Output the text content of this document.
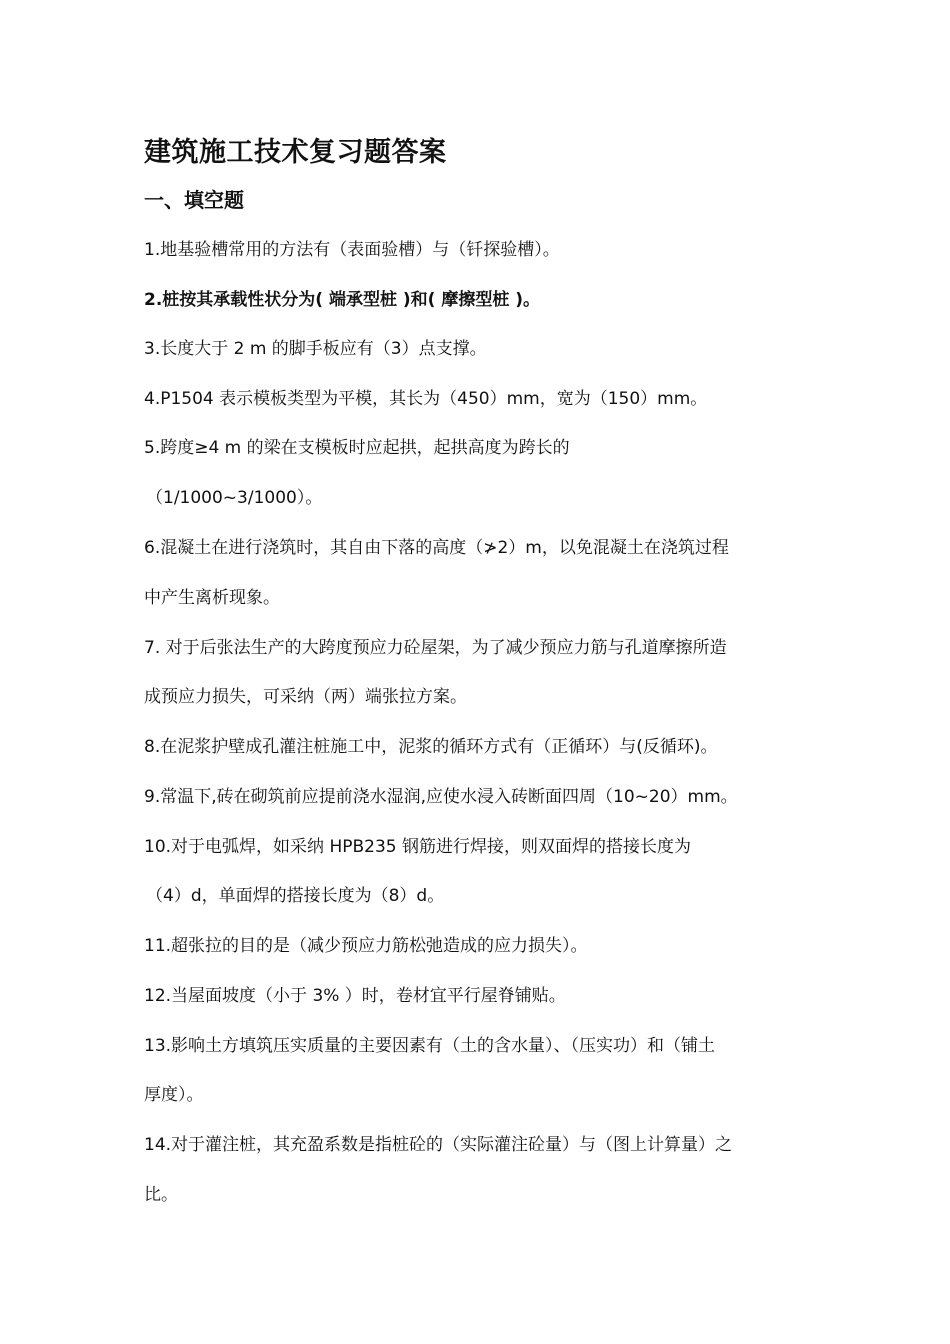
建筑施工技术复习题答案
一、填空题
1.地基验槽常用的方法有（表面验槽）与（钎探验槽）。
2.桩按其承载性状分为( 端承型桩 )和( 摩擦型桩 )。
3.长度大于 2 m 的脚手板应有（3）点支撑。
4.P1504 表示模板类型为平模，其长为（450）mm，宽为（150）mm。
5.跨度≥4 m 的梁在支模板时应起拱，起拱高度为跨长的
（1/1000~3/1000）。
6.混凝土在进行浇筑时，其自由下落的高度（≯2）m，以免混凝土在浇筑过程
中产生离析现象。
7. 对于后张法生产的大跨度预应力砼屋架，为了减少预应力筋与孔道摩擦所造
成预应力损失，可采纳（两）端张拉方案。
8.在泥浆护壁成孔灌注桩施工中，泥浆的循环方式有（正循环）与(反循环)。
9.常温下,砖在砌筑前应提前浇水湿润,应使水浸入砖断面四周（10~20）mm。
10.对于电弧焊，如采纳 HPB235 钢筋进行焊接，则双面焊的搭接长度为
（4）d，单面焊的搭接长度为（8）d。
11.超张拉的目的是（减少预应力筋松弛造成的应力损失）。
12.当屋面坡度（小于 3% ）时，卷材宜平行屋脊铺贴。
13.影响土方填筑压实质量的主要因素有（土的含水量）、（压实功）和（铺土
厚度）。
14.对于灌注桩，其充盈系数是指桩砼的（实际灌注砼量）与（图上计算量）之
比。
